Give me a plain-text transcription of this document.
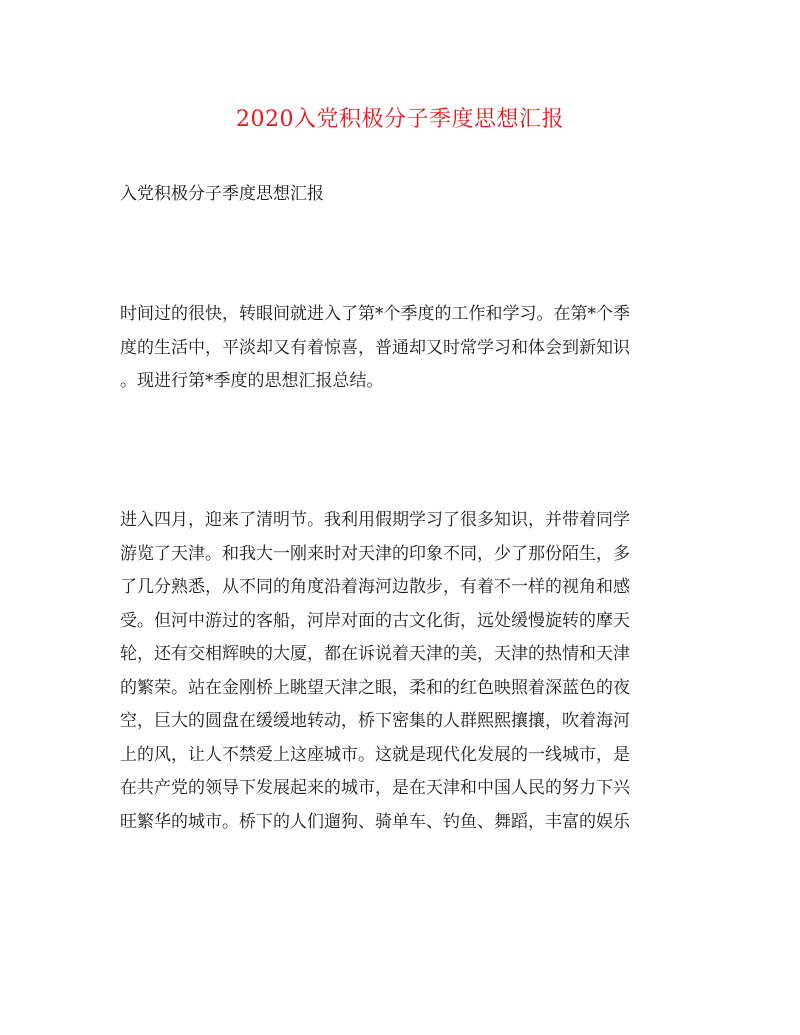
2020入党积极分子季度思想汇报

入党积极分子季度思想汇报

时间过的很快，转眼间就进入了第*个季度的工作和学习。在第*个季
度的生活中，平淡却又有着惊喜，普通却又时常学习和体会到新知识
。现进行第*季度的思想汇报总结。

进入四月，迎来了清明节。我利用假期学习了很多知识，并带着同学
游览了天津。和我大一刚来时对天津的印象不同，少了那份陌生，多
了几分熟悉，从不同的角度沿着海河边散步，有着不一样的视角和感
受。但河中游过的客船，河岸对面的古文化街，远处缓慢旋转的摩天
轮，还有交相辉映的大厦，都在诉说着天津的美，天津的热情和天津
的繁荣。站在金刚桥上眺望天津之眼，柔和的红色映照着深蓝色的夜
空，巨大的圆盘在缓缓地转动，桥下密集的人群熙熙攘攘，吹着海河
上的风，让人不禁爱上这座城市。这就是现代化发展的一线城市，是
在共产党的领导下发展起来的城市，是在天津和中国人民的努力下兴
旺繁华的城市。桥下的人们遛狗、骑单车、钓鱼、舞蹈，丰富的娱乐
